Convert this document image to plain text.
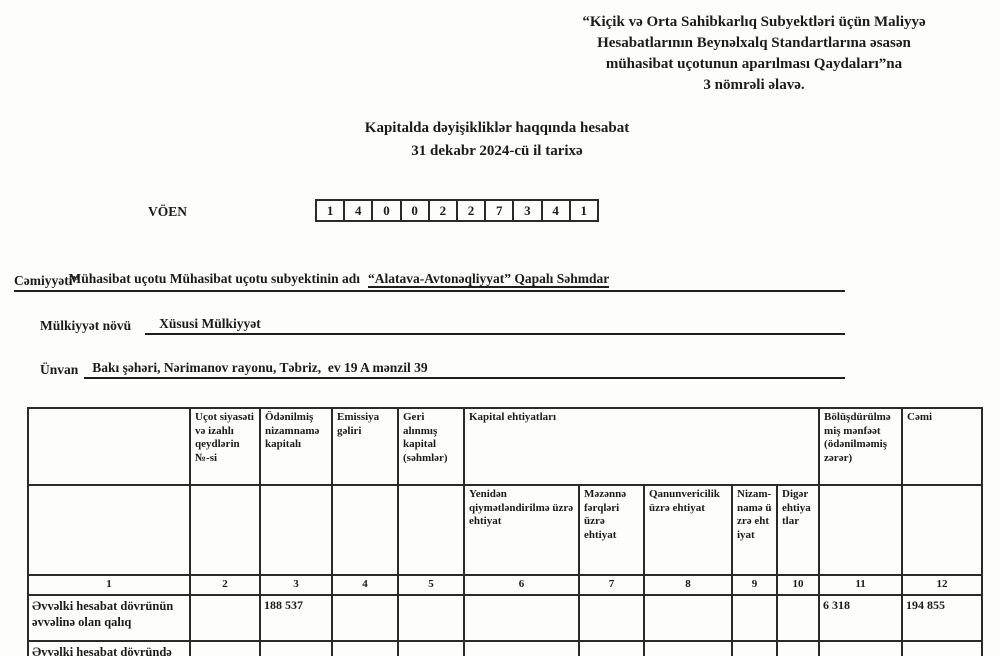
“Kiçik və Orta Sahibkarlıq Subyektləri üçün Maliyyə
Hesabatlarının Beynəlxalq Standartlarına əsasən
mühasibat uçotunun aparılması Qaydaları”na
3 nömrəli əlavə.
Kapitalda dəyişikliklər haqqında hesabat
31 dekabr 2024-cü il tarixə
VÖEN	1	4	0	0	2	2	7	3	4	1

Mühasibat uçotu Mühasibat uçotu subyektinin adı “Alatava-Avtonəqliyyat” Qapalı Səhmdar

Cəmiyyəti”
Mülkiyyət növü	Xüsusi Mülkiyyət
Ünvan	Bakı şəhəri, Nərimanov rayonu, Təbriz,  ev 19 A mənzil 39
	Uçot siyasəti və izahlı qeydlərin №-si	Ödənilmiş nizamnamə kapitalı	Emissiya gəliri	Geri alınmış kapital (səhmlər)	Kapital ehtiyatları					Bölüşdürülməmiş mənfəət (ödənilməmiş zərər)	Cəmi
					Yenidən qiymətləndirilmə üzrə ehtiyat	Məzənnə fərqləri üzrə ehtiyat	Qanunvericilik üzrə ehtiyat	Nizam-namə üzrə ehtiyat	Digər ehtiyatlar		
1	2	3	4	5	6	7	8	9	10	11	12
Əvvəlki hesabat dövrünün əvvəlinə olan qalıq		188 537								6 318	194 855
Əvvəlki hesabat dövründə											
